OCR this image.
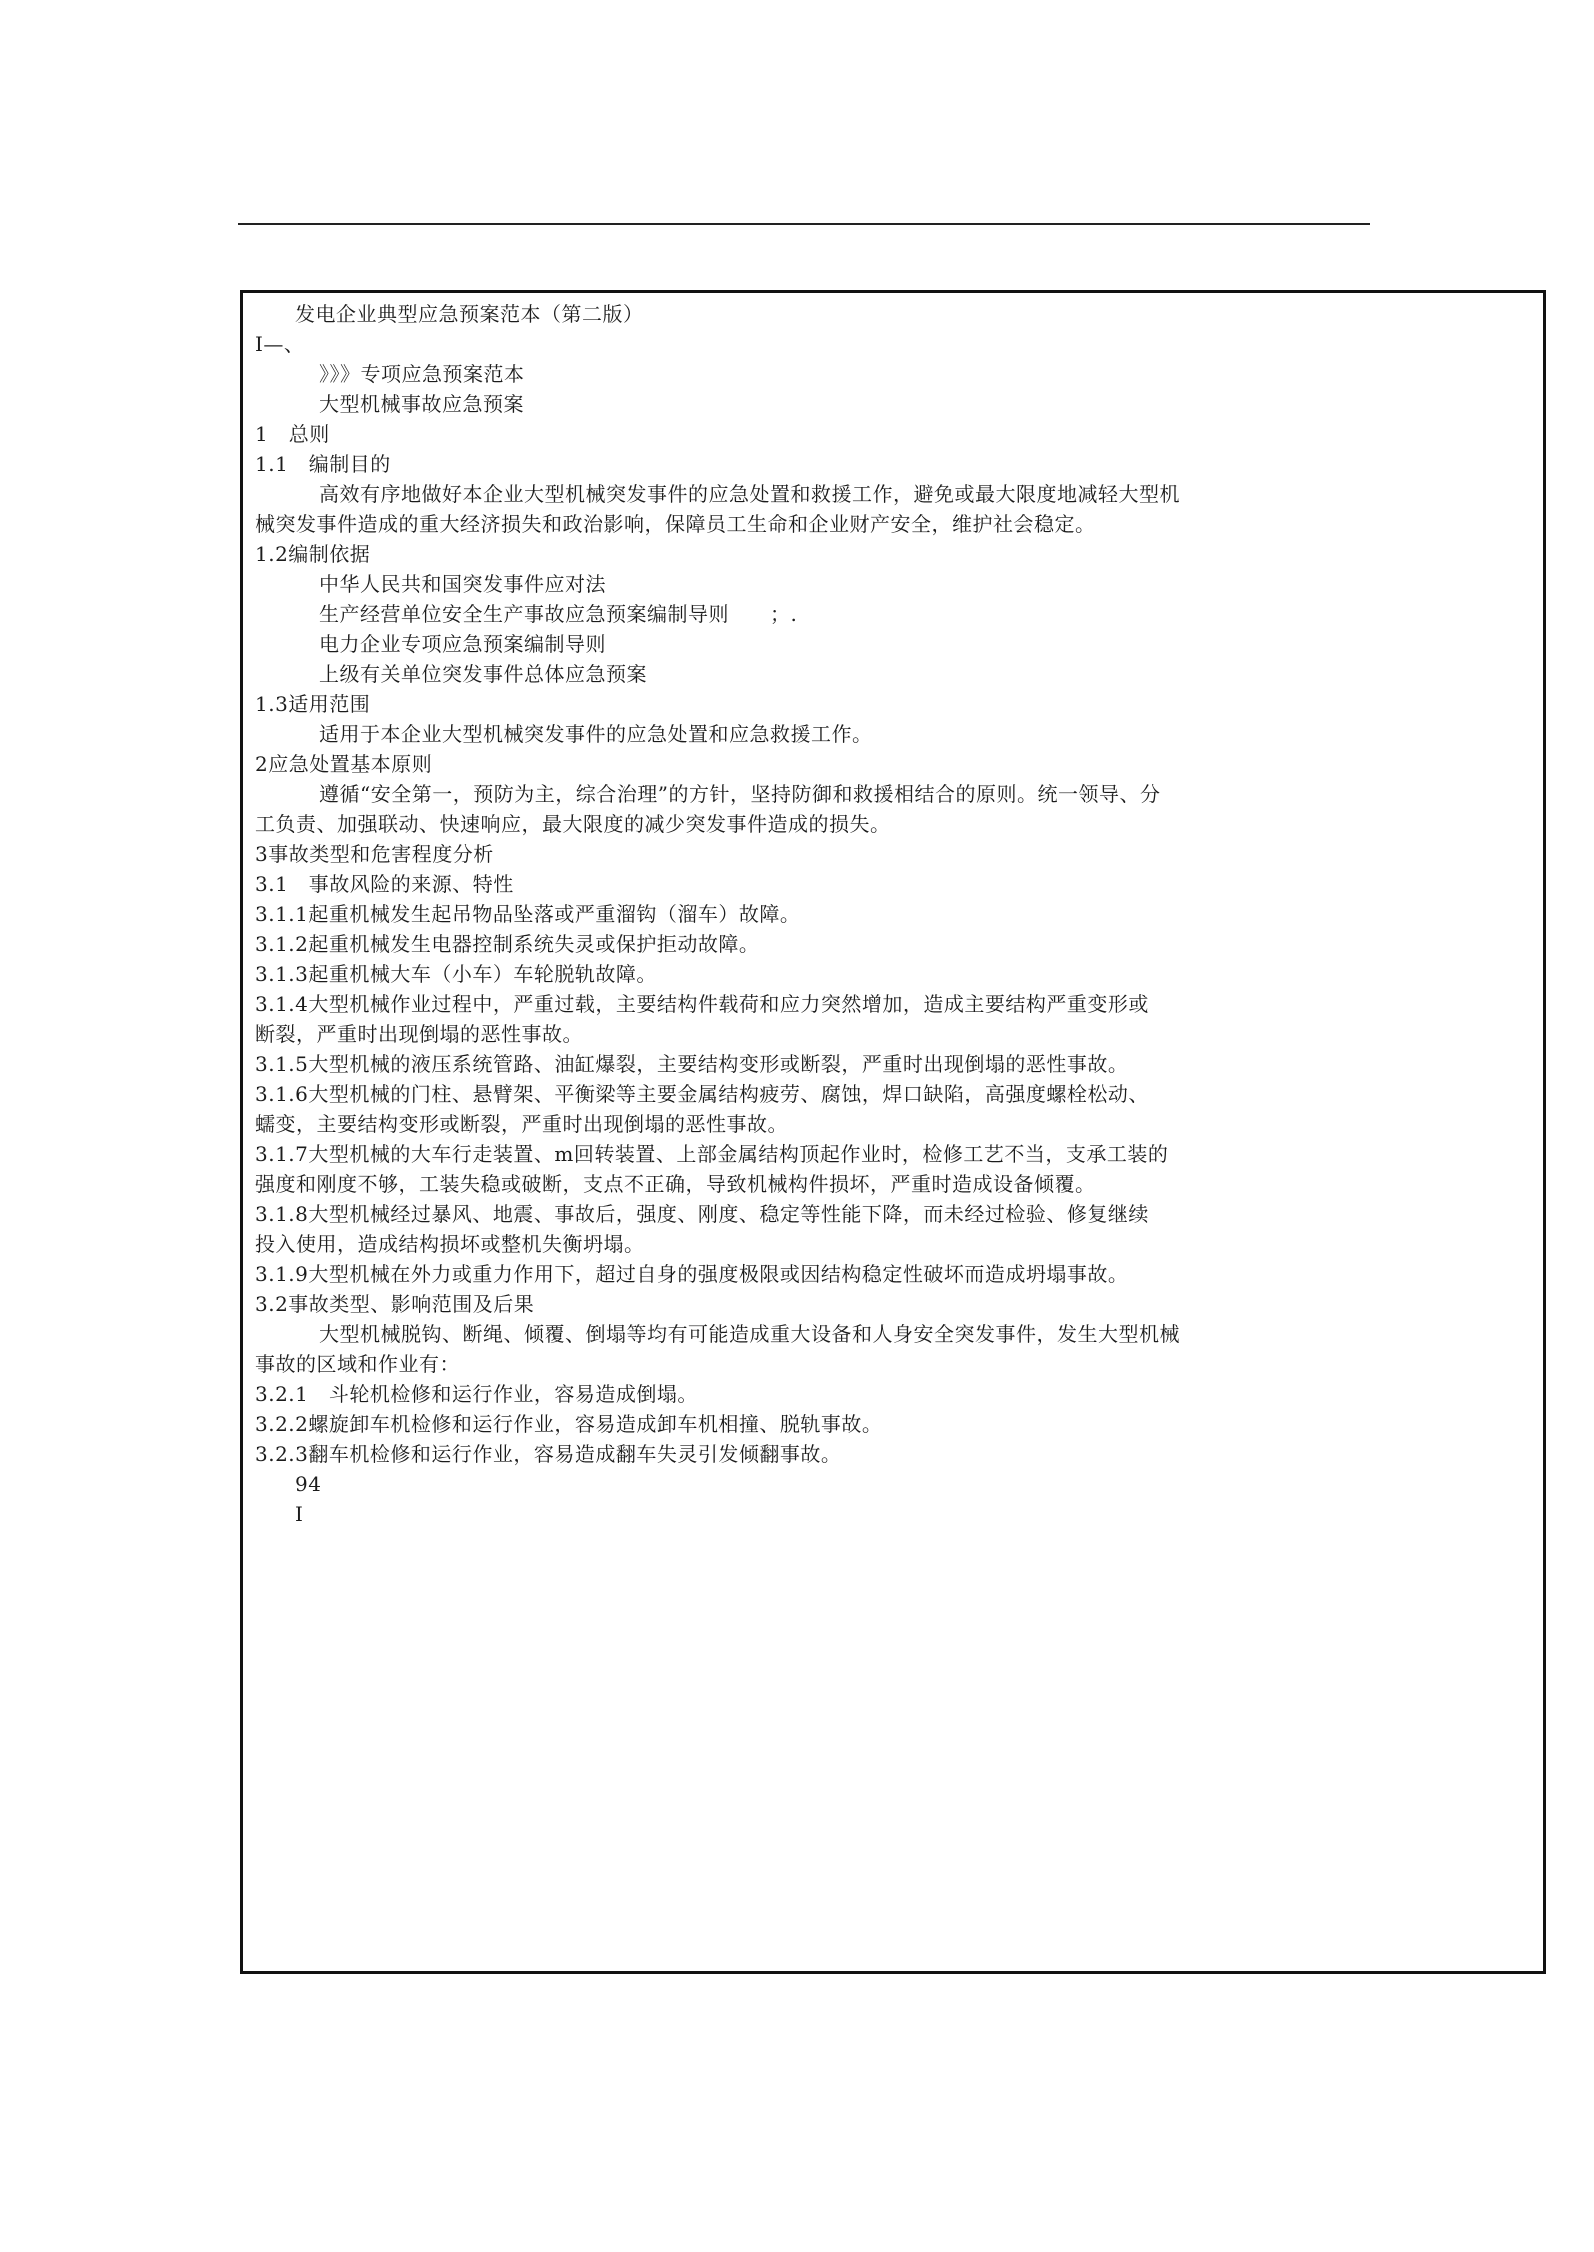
发电企业典型应急预案范本（第二版）
I—、
》》》专项应急预案范本
大型机械事故应急预案
1　总则
1.1　编制目的
高效有序地做好本企业大型机械突发事件的应急处置和救援工作，避免或最大限度地减轻大型机
械突发事件造成的重大经济损失和政治影响，保障员工生命和企业财产安全，维护社会稳定。
1.2编制依据
中华人民共和国突发事件应对法
生产经营单位安全生产事故应急预案编制导则　　；.
电力企业专项应急预案编制导则
上级有关单位突发事件总体应急预案
1.3适用范围
适用于本企业大型机械突发事件的应急处置和应急救援工作。
2应急处置基本原则
遵循“安全第一，预防为主，综合治理”的方针，坚持防御和救援相结合的原则。统一领导、分
工负责、加强联动、快速响应，最大限度的减少突发事件造成的损失。
3事故类型和危害程度分析
3.1　事故风险的来源、特性
3.1.1起重机械发生起吊物品坠落或严重溜钩（溜车）故障。
3.1.2起重机械发生电器控制系统失灵或保护拒动故障。
3.1.3起重机械大车（小车）车轮脱轨故障。
3.1.4大型机械作业过程中，严重过载，主要结构件载荷和应力突然增加，造成主要结构严重变形或
断裂，严重时出现倒塌的恶性事故。
3.1.5大型机械的液压系统管路、油缸爆裂，主要结构变形或断裂，严重时出现倒塌的恶性事故。
3.1.6大型机械的门柱、悬臂架、平衡梁等主要金属结构疲劳、腐蚀，焊口缺陷，高强度螺栓松动、
蠕变，主要结构变形或断裂，严重时出现倒塌的恶性事故。
3.1.7大型机械的大车行走装置、m回转装置、上部金属结构顶起作业时，检修工艺不当，支承工装的
强度和刚度不够，工装失稳或破断，支点不正确，导致机械构件损坏，严重时造成设备倾覆。
3.1.8大型机械经过暴风、地震、事故后，强度、刚度、稳定等性能下降，而未经过检验、修复继续
投入使用，造成结构损坏或整机失衡坍塌。
3.1.9大型机械在外力或重力作用下，超过自身的强度极限或因结构稳定性破坏而造成坍塌事故。
3.2事故类型、影响范围及后果
大型机械脱钩、断绳、倾覆、倒塌等均有可能造成重大设备和人身安全突发事件，发生大型机械
事故的区域和作业有：
3.2.1　斗轮机检修和运行作业，容易造成倒塌。
3.2.2螺旋卸车机检修和运行作业，容易造成卸车机相撞、脱轨事故。
3.2.3翻车机检修和运行作业，容易造成翻车失灵引发倾翻事故。
94
I
